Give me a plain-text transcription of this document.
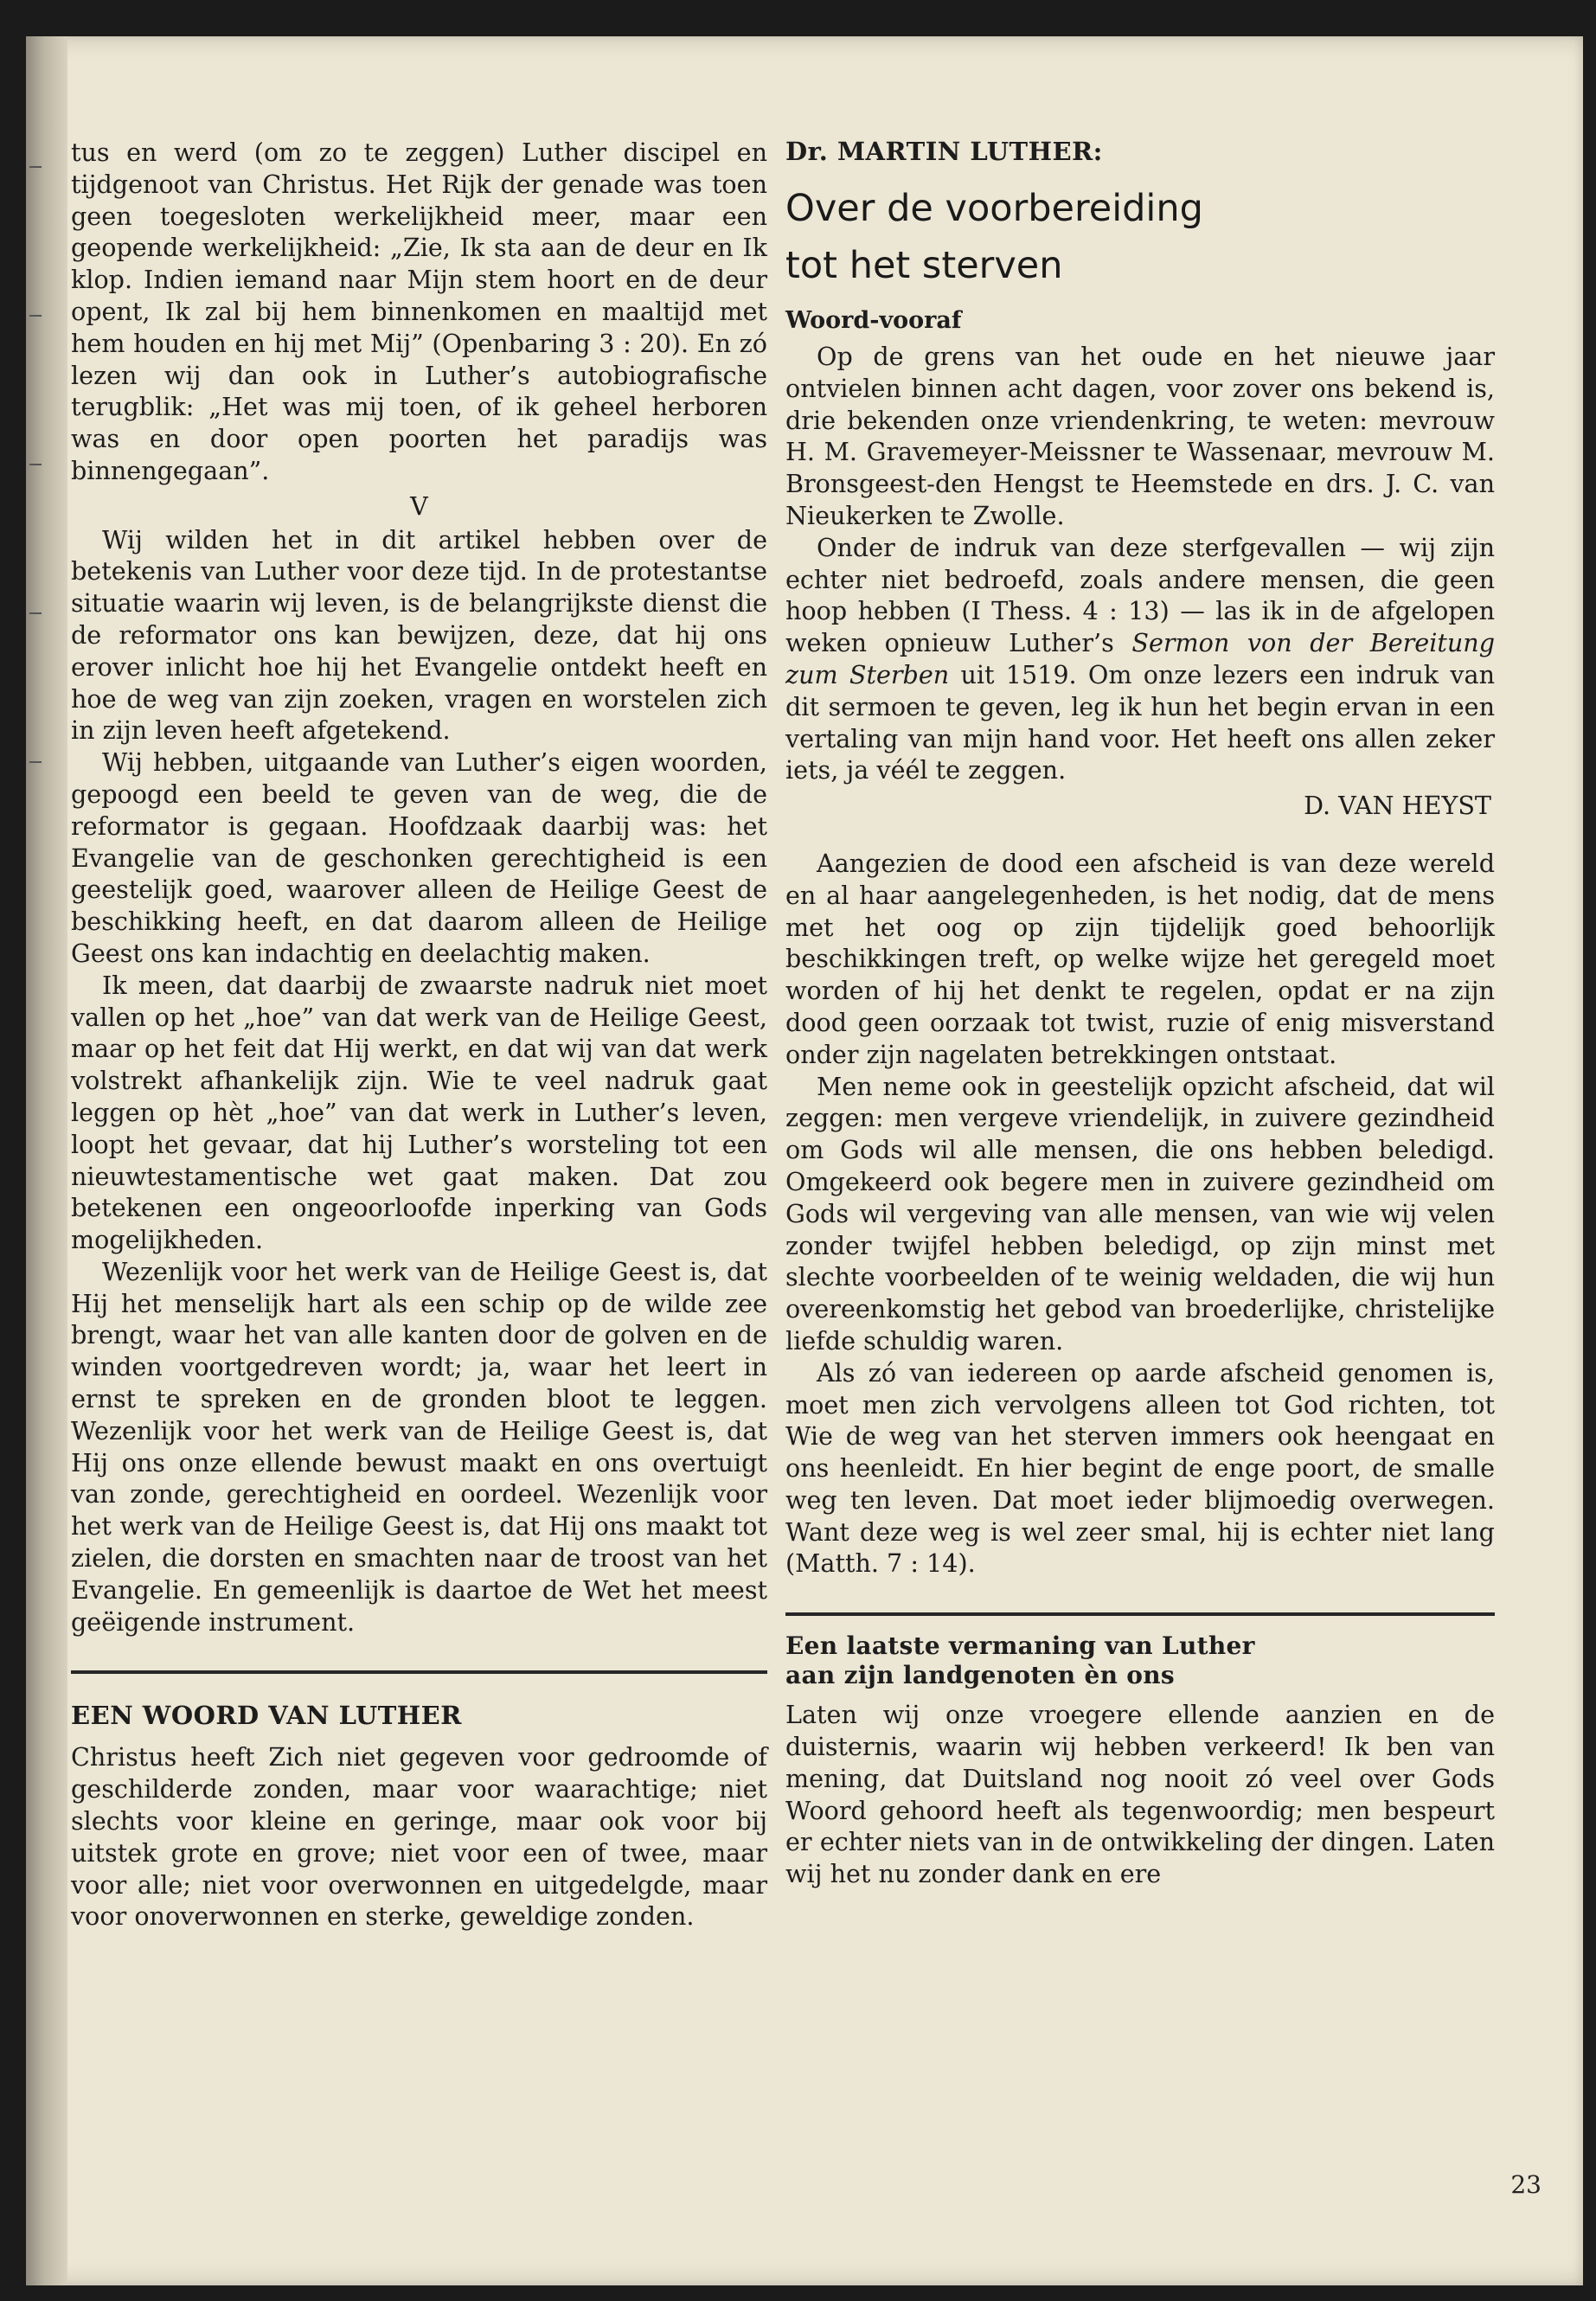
tus en werd (om zo te zeggen) Luther discipel en tijdgenoot van Christus. Het Rijk der genade was toen geen toegesloten werkelijkheid meer, maar een geopende werkelijkheid: „Zie, Ik sta aan de deur en Ik klop. Indien iemand naar Mijn stem hoort en de deur opent, Ik zal bij hem binnenkomen en maaltijd met hem houden en hij met Mij” (Openbaring 3 : 20). En zó lezen wij dan ook in Luther’s autobiografische terugblik: „Het was mij toen, of ik geheel herboren was en door open poorten het paradijs was binnengegaan”.

V

Wij wilden het in dit artikel hebben over de betekenis van Luther voor deze tijd. In de protestantse situatie waarin wij leven, is de belangrijkste dienst die de reformator ons kan bewijzen, deze, dat hij ons erover inlicht hoe hij het Evangelie ontdekt heeft en hoe de weg van zijn zoeken, vragen en worstelen zich in zijn leven heeft afgetekend.

Wij hebben, uitgaande van Luther’s eigen woorden, gepoogd een beeld te geven van de weg, die de reformator is gegaan. Hoofdzaak daarbij was: het Evangelie van de geschonken gerechtigheid is een geestelijk goed, waarover alleen de Heilige Geest de beschikking heeft, en dat daarom alleen de Heilige Geest ons kan indachtig en deelachtig maken.

Ik meen, dat daarbij de zwaarste nadruk niet moet vallen op het „hoe” van dat werk van de Heilige Geest, maar op het feit dat Hij werkt, en dat wij van dat werk volstrekt afhankelijk zijn. Wie te veel nadruk gaat leggen op hèt „hoe” van dat werk in Luther’s leven, loopt het gevaar, dat hij Luther’s worsteling tot een nieuwtestamentische wet gaat maken. Dat zou betekenen een ongeoorloofde inperking van Gods mogelijkheden.

Wezenlijk voor het werk van de Heilige Geest is, dat Hij het menselijk hart als een schip op de wilde zee brengt, waar het van alle kanten door de golven en de winden voortgedreven wordt; ja, waar het leert in ernst te spreken en de gronden bloot te leggen. Wezenlijk voor het werk van de Heilige Geest is, dat Hij ons onze ellende bewust maakt en ons overtuigt van zonde, gerechtigheid en oordeel. Wezenlijk voor het werk van de Heilige Geest is, dat Hij ons maakt tot zielen, die dorsten en smachten naar de troost van het Evangelie. En gemeenlijk is daartoe de Wet het meest geëigende instrument.

EEN WOORD VAN LUTHER

Christus heeft Zich niet gegeven voor gedroomde of geschilderde zonden, maar voor waarachtige; niet slechts voor kleine en geringe, maar ook voor bij uitstek grote en grove; niet voor een of twee, maar voor alle; niet voor overwonnen en uitgedelgde, maar voor onoverwonnen en sterke, geweldige zonden.

Dr. MARTIN LUTHER:
Over de voorbereiding
tot het sterven
Woord-vooraf

Op de grens van het oude en het nieuwe jaar ontvielen binnen acht dagen, voor zover ons bekend is, drie bekenden onze vriendenkring, te weten: mevrouw H. M. Gravemeyer-Meissner te Wassenaar, mevrouw M. Bronsgeest-den Hengst te Heemstede en drs. J. C. van Nieukerken te Zwolle.

Onder de indruk van deze sterfgevallen — wij zijn echter niet bedroefd, zoals andere mensen, die geen hoop hebben (I Thess. 4 : 13) — las ik in de afgelopen weken opnieuw Luther’s Sermon von der Bereitung zum Sterben uit 1519. Om onze lezers een indruk van dit sermoen te geven, leg ik hun het begin ervan in een vertaling van mijn hand voor. Het heeft ons allen zeker iets, ja véél te zeggen.

D. VAN HEYST

Aangezien de dood een afscheid is van deze wereld en al haar aangelegenheden, is het nodig, dat de mens met het oog op zijn tijdelijk goed behoorlijk beschikkingen treft, op welke wijze het geregeld moet worden of hij het denkt te regelen, opdat er na zijn dood geen oorzaak tot twist, ruzie of enig misverstand onder zijn nagelaten betrekkingen ontstaat.

Men neme ook in geestelijk opzicht afscheid, dat wil zeggen: men vergeve vriendelijk, in zuivere gezindheid om Gods wil alle mensen, die ons hebben beledigd. Omgekeerd ook begere men in zuivere gezindheid om Gods wil vergeving van alle mensen, van wie wij velen zonder twijfel hebben beledigd, op zijn minst met slechte voorbeelden of te weinig weldaden, die wij hun overeenkomstig het gebod van broederlijke, christelijke liefde schuldig waren.

Als zó van iedereen op aarde afscheid genomen is, moet men zich vervolgens alleen tot God richten, tot Wie de weg van het sterven immers ook heengaat en ons heenleidt. En hier begint de enge poort, de smalle weg ten leven. Dat moet ieder blijmoedig overwegen. Want deze weg is wel zeer smal, hij is echter niet lang (Matth. 7 : 14).

Een laatste vermaning van Luther
aan zijn landgenoten èn ons

Laten wij onze vroegere ellende aanzien en de duisternis, waarin wij hebben verkeerd! Ik ben van mening, dat Duitsland nog nooit zó veel over Gods Woord gehoord heeft als tegenwoordig; men bespeurt er echter niets van in de ontwikkeling der dingen. Laten wij het nu zonder dank en ere

23
